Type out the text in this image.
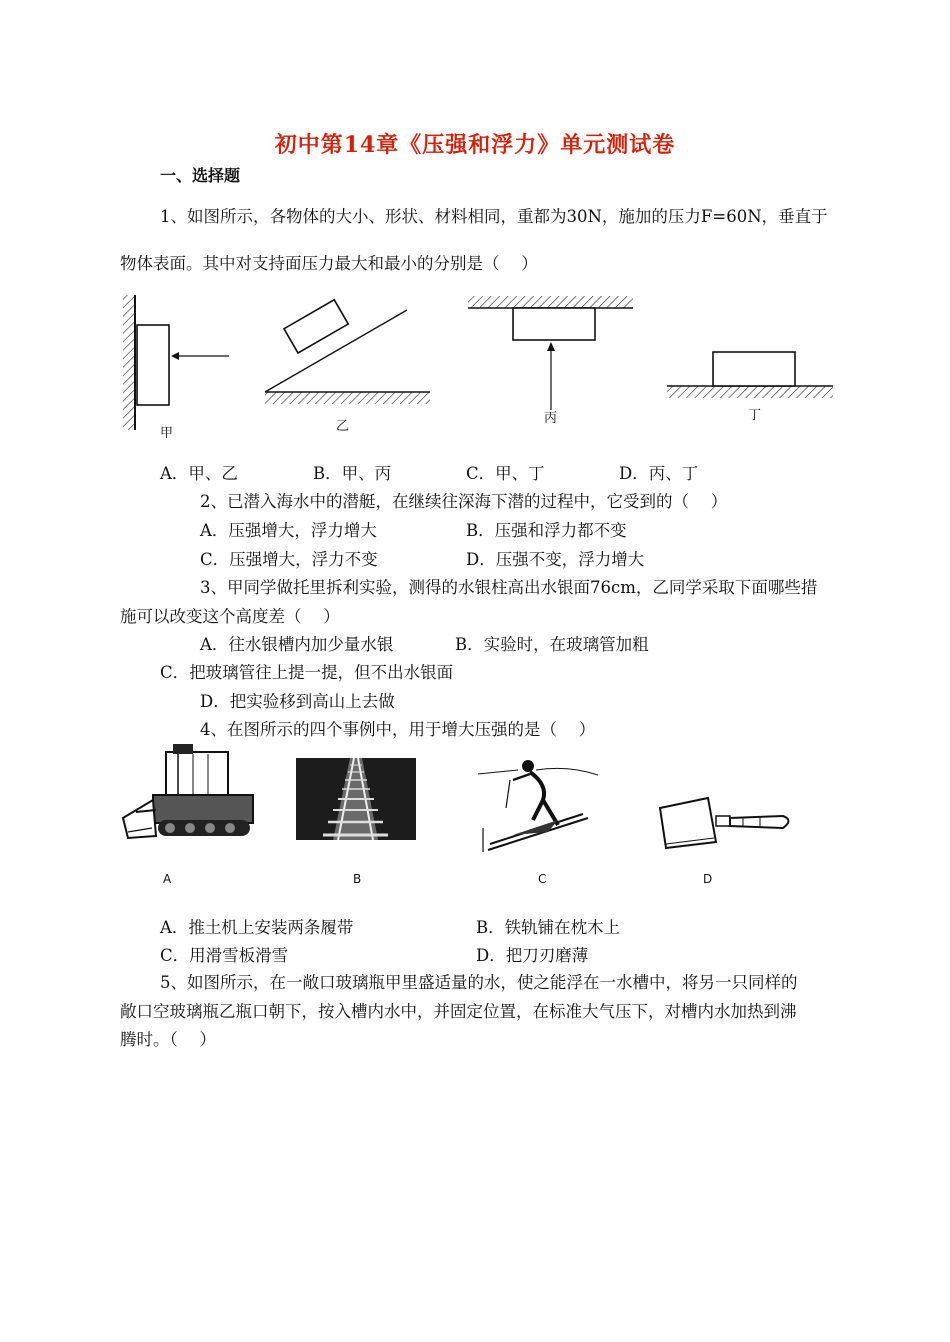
初中第14章《压强和浮力》单元测试卷
一、选择题
1、如图所示，各物体的大小、形状、材料相同，重都为30N，施加的压力F=60N，垂直于
物体表面。其中对支持面压力最大和最小的分别是（　 ）
甲	乙
丙	丁
A．甲、乙	B．甲、丙	C．甲、丁	D．丙、丁
2、已潜入海水中的潜艇，在继续往深海下潜的过程中，它受到的（　 ）
A．压强增大，浮力增大	B．压强和浮力都不变
C．压强增大，浮力不变	D．压强不变，浮力增大
3、甲同学做托里拆利实验，测得的水银柱高出水银面76cm，乙同学采取下面哪些措
施可以改变这个高度差（　 ）
A．往水银槽内加少量水银	B．实验时，在玻璃管加粗
C．把玻璃管往上提一提，但不出水银面
D．把实验移到高山上去做
4、在图所示的四个事例中，用于增大压强的是（　 ）
A	B	C	D
A．推土机上安装两条履带	B．铁轨铺在枕木上
C．用滑雪板滑雪	D．把刀刃磨薄
5、如图所示，在一敞口玻璃瓶甲里盛适量的水，使之能浮在一水槽中，将另一只同样的
敞口空玻璃瓶乙瓶口朝下，按入槽内水中，并固定位置，在标准大气压下，对槽内水加热到沸
腾时。（　 ）
